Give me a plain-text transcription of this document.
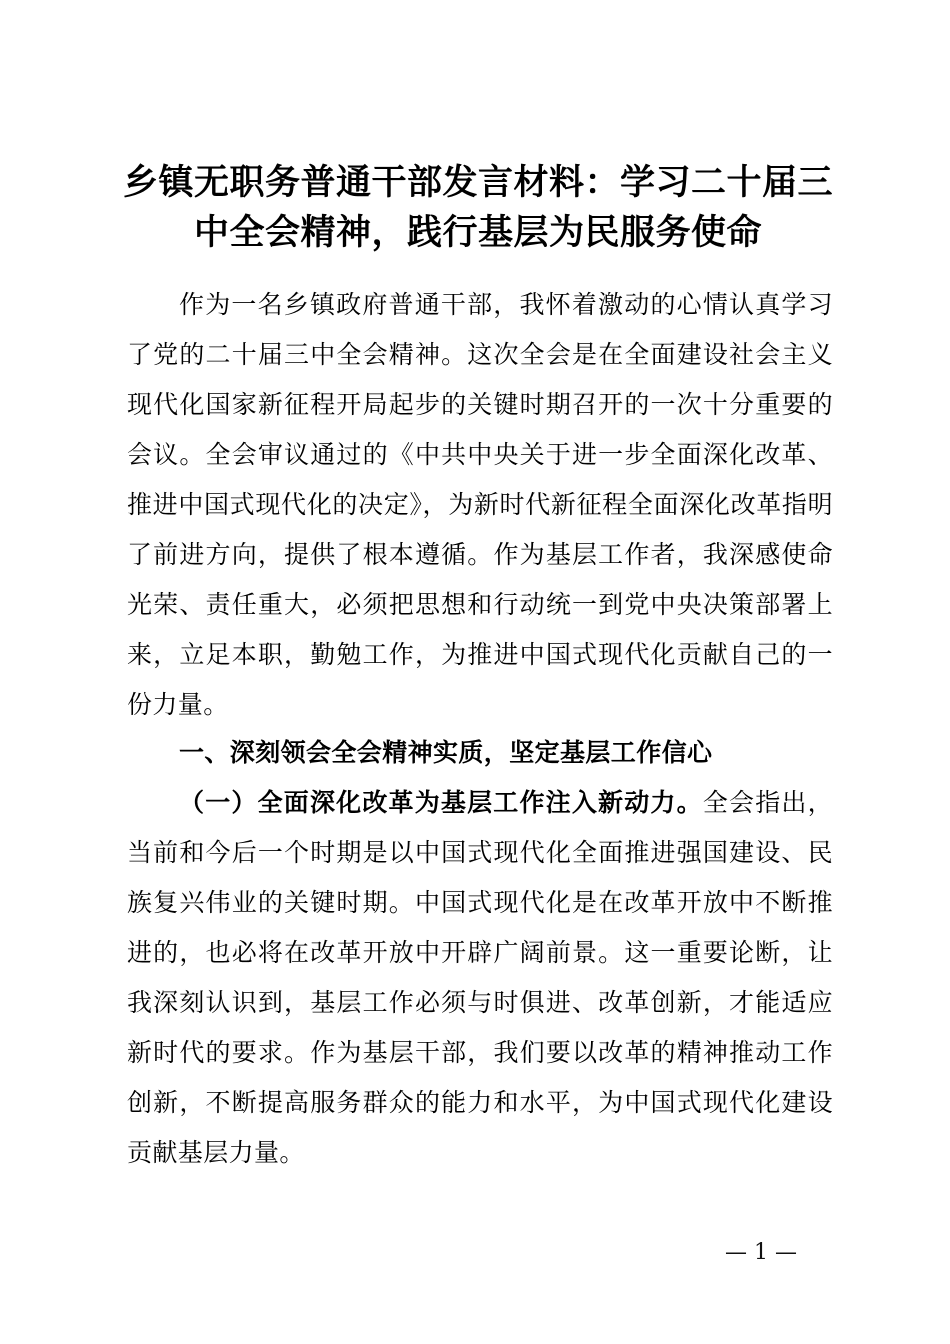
乡镇无职务普通干部发言材料：学习二十届三中全会精神，践行基层为民服务使命

作为一名乡镇政府普通干部，我怀着激动的心情认真学习了党的二十届三中全会精神。这次全会是在全面建设社会主义现代化国家新征程开局起步的关键时期召开的一次十分重要的会议。全会审议通过的《中共中央关于进一步全面深化改革、推进中国式现代化的决定》，为新时代新征程全面深化改革指明了前进方向，提供了根本遵循。作为基层工作者，我深感使命光荣、责任重大，必须把思想和行动统一到党中央决策部署上来，立足本职，勤勉工作，为推进中国式现代化贡献自己的一份力量。

一、深刻领会全会精神实质，坚定基层工作信心

（一）全面深化改革为基层工作注入新动力。全会指出，当前和今后一个时期是以中国式现代化全面推进强国建设、民族复兴伟业的关键时期。中国式现代化是在改革开放中不断推进的，也必将在改革开放中开辟广阔前景。这一重要论断，让我深刻认识到，基层工作必须与时俱进、改革创新，才能适应新时代的要求。作为基层干部，我们要以改革的精神推动工作创新，不断提高服务群众的能力和水平，为中国式现代化建设贡献基层力量。

— 1 —
